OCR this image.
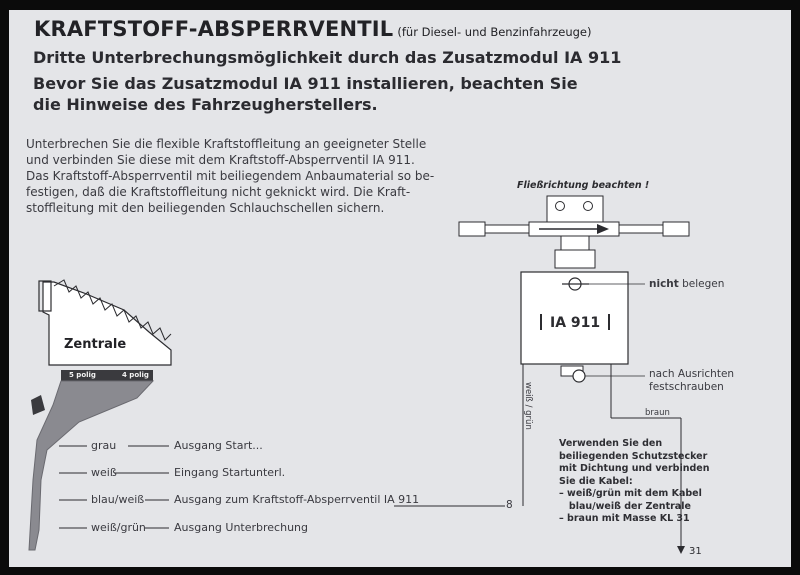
KRAFTSTOFF-ABSPERRVENTIL (für Diesel- und Benzinfahrzeuge)
Dritte Unterbrechungsmöglichkeit durch das Zusatzmodul IA 911
Bevor Sie das Zusatzmodul IA 911 installieren, beachten Sie
die Hinweise des Fahrzeugherstellers.
Unterbrechen Sie die flexible Kraftstoffleitung an geeigneter Stelle
und verbinden Sie diese mit dem Kraftstoff-Absperrventil IA 911.
Das Kraftstoff-Absperrventil mit beiliegendem Anbaumaterial so be-
festigen, daß die Kraftstoffleitung nicht geknickt wird. Die Kraft-
stoffleitung mit den beiliegenden Schlauchschellen sichern.
Zentrale
5 polig	4 polig
grau
weiß
blau/weiß
weiß/grün
Ausgang Start...
Eingang Startunterl.
Ausgang zum Kraftstoff-Absperrventil IA 911
Ausgang Unterbrechung
8
Fließrichtung beachten !
IA 911
nicht belegen
nach Ausrichten
festschrauben
weiß / grün	braun
Verwenden Sie den
beiliegenden Schutzstecker
mit Dichtung und verbinden
Sie die Kabel:
– weiß/grün mit dem Kabel
blau/weiß der Zentrale
– braun mit Masse KL 31
31
